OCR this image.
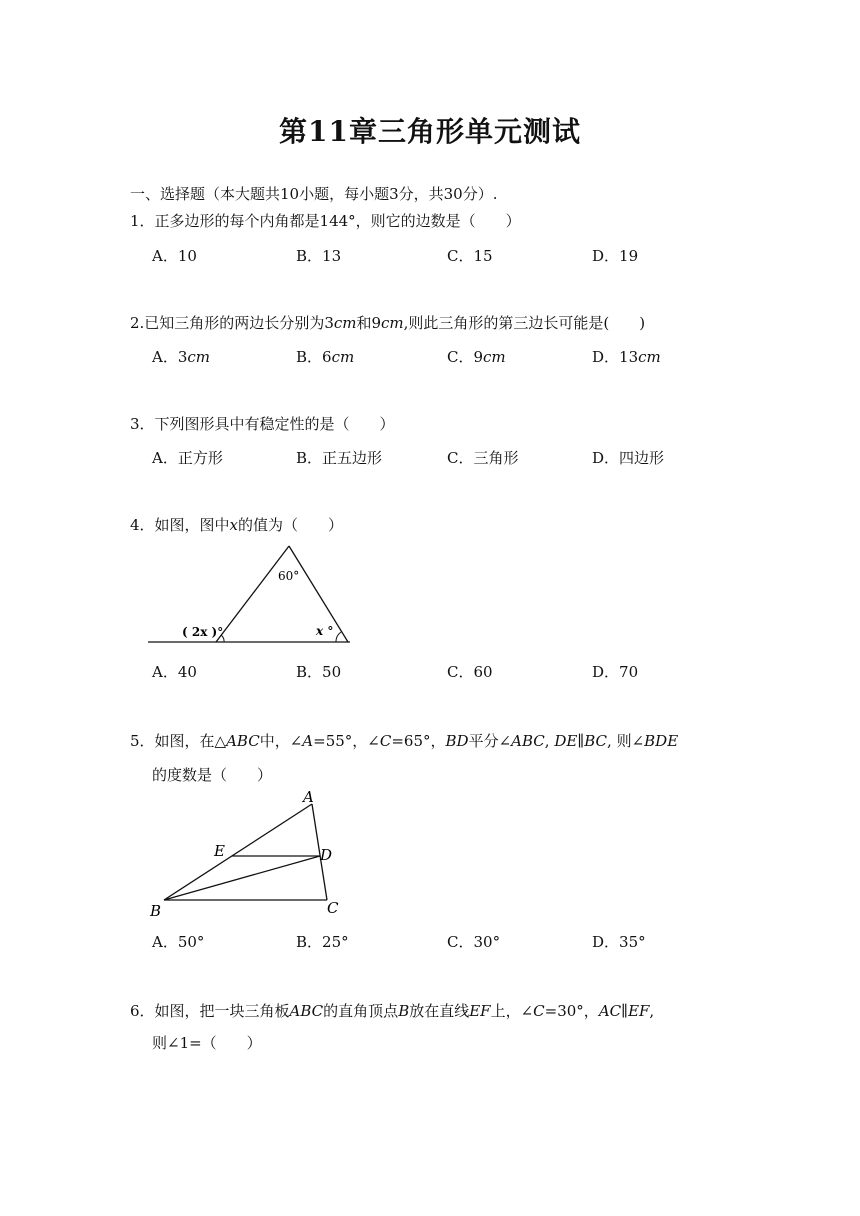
第11章三角形单元测试
一、选择题（本大题共10小题，每小题3分，共30分）.
1．正多边形的每个内角都是144°，则它的边数是（　　）
A．10	B．13	C．15	D．19
2.已知三角形的两边长分别为3cm和9cm,则此三角形的第三边长可能是(　　)
A．3cm	B．6cm	C．9cm	D．13cm
3．下列图形具中有稳定性的是（　　）
A．正方形	B．正五边形	C．三角形	D．四边形
4．如图，图中x的值为（　　）
60°
( 2x )°	x °
A．40	B．50	C．60	D．70
5．如图，在△ABC中，∠A=55°，∠C=65°，BD平分∠ABC, DE∥BC, 则∠BDE
的度数是（　　）
A
B	C
D
E
A．50°	B．25°	C．30°	D．35°
6．如图，把一块三角板ABC的直角顶点B放在直线EF上，∠C=30°，AC∥EF,
则∠1=（　　）
